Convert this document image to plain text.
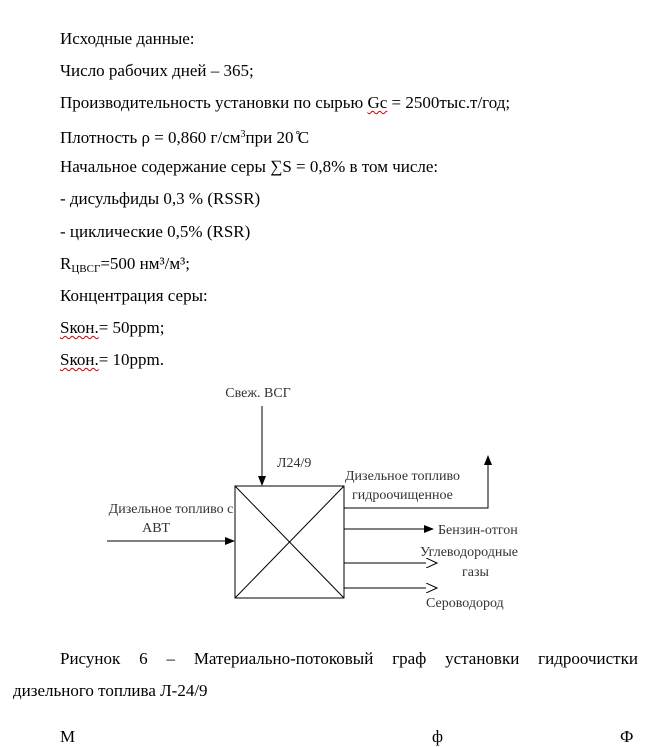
Исходные данные:
Число рабочих дней – 365;
Производительность установки по сырью Gc = 2500тыс.т/год;
Плотность ρ = 0,860 $г/см^3при$ 20 ̊С
Начальное содержание серы ∑S = 0,8% в том числе:
- дисульфиды 0,3 % (RSSR)
- циклические 0,5% (RSR)
$R_{ЦВСГ}=500$ нм³/м³;
Концентрация серы:
Sкон.= 50ppm;
Sкон.= 10ppm.
Свеж. ВСГ
Л24/9
Дизельное топливо с
АВТ
Дизельное топливо
гидроочищенное
Бензин-отгон
Углеводородные
газы
Сероводород
Рисунок 6 – Материально-потоковый граф установки гидроочистки
дизельного топлива Л-24/9
М	ф	Ф
